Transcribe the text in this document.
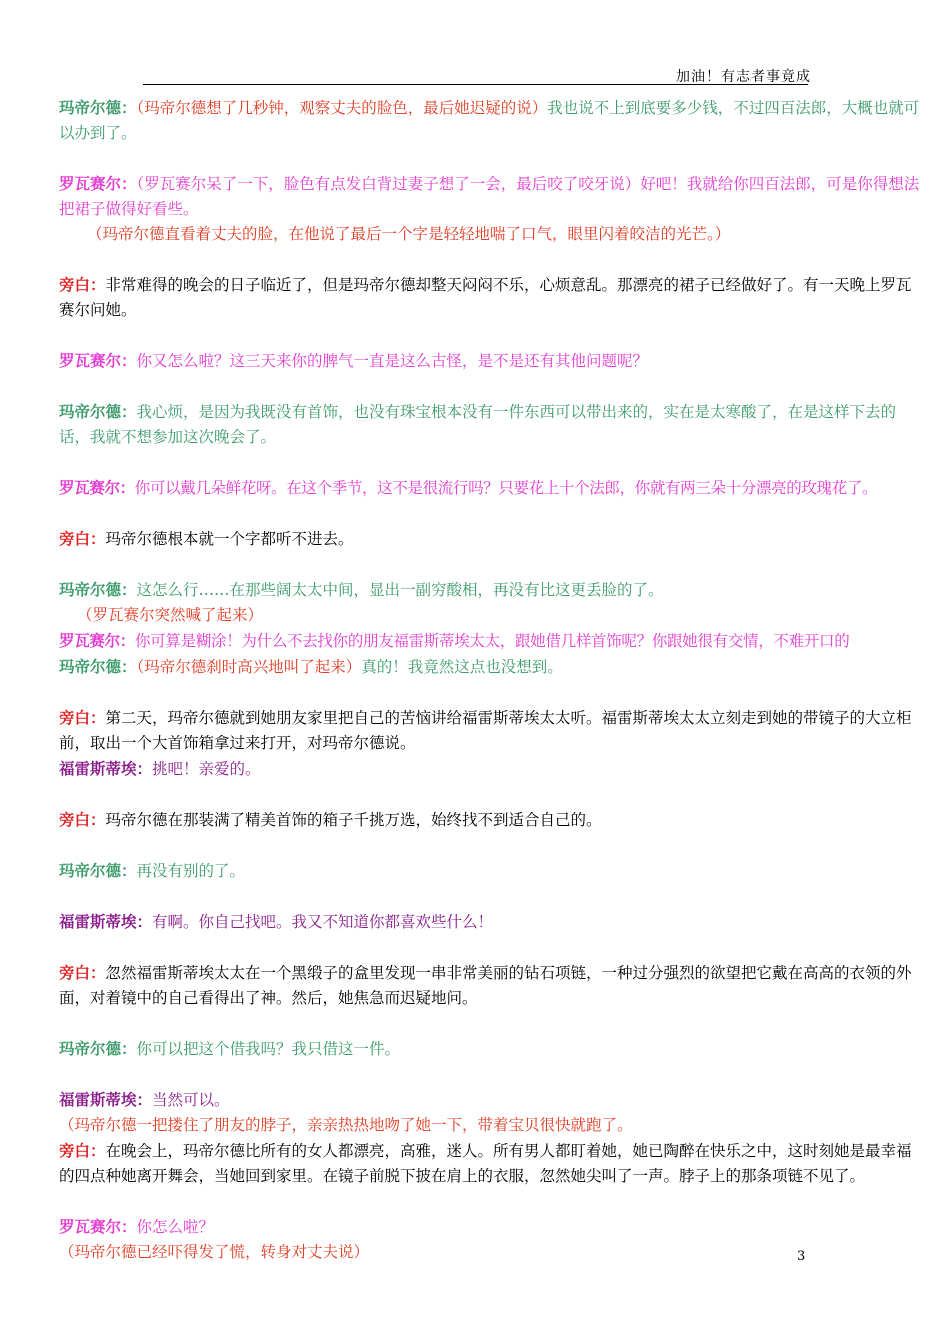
加油！有志者事竟成

玛帝尔德：（玛帝尔德想了几秒钟，观察丈夫的脸色，最后她迟疑的说）我也说不上到底要多少钱，不过四百法郎，大概也就可以办到了。

罗瓦赛尔：（罗瓦赛尔呆了一下，脸色有点发白背过妻子想了一会，最后咬了咬牙说）好吧！我就给你四百法郎，可是你得想法把裙子做得好看些。

（玛帝尔德直看着丈夫的脸，在他说了最后一个字是轻轻地喘了口气，眼里闪着皎洁的光芒。）

旁白：非常难得的晚会的日子临近了，但是玛帝尔德却整天闷闷不乐，心烦意乱。那漂亮的裙子已经做好了。有一天晚上罗瓦赛尔问她。

罗瓦赛尔：你又怎么啦？这三天来你的脾气一直是这么古怪，是不是还有其他问题呢？

玛帝尔德：我心烦，是因为我既没有首饰，也没有珠宝根本没有一件东西可以带出来的，实在是太寒酸了，在是这样下去的话，我就不想参加这次晚会了。

罗瓦赛尔：你可以戴几朵鲜花呀。在这个季节，这不是很流行吗？只要花上十个法郎，你就有两三朵十分漂亮的玫瑰花了。

旁白：玛帝尔德根本就一个字都听不进去。

玛帝尔德：这怎么行……在那些阔太太中间，显出一副穷酸相，再没有比这更丢脸的了。

（罗瓦赛尔突然喊了起来）

罗瓦赛尔：你可算是糊涂！为什么不去找你的朋友福雷斯蒂埃太太，跟她借几样首饰呢？你跟她很有交情，不难开口的

玛帝尔德：（玛帝尔德刹时高兴地叫了起来）真的！我竟然这点也没想到。

旁白：第二天，玛帝尔德就到她朋友家里把自己的苦恼讲给福雷斯蒂埃太太听。福雷斯蒂埃太太立刻走到她的带镜子的大立柜前，取出一个大首饰箱拿过来打开，对玛帝尔德说。

福雷斯蒂埃：挑吧！亲爱的。

旁白：玛帝尔德在那装满了精美首饰的箱子千挑万选，始终找不到适合自己的。

玛帝尔德：再没有别的了。

福雷斯蒂埃：有啊。你自己找吧。我又不知道你都喜欢些什么！

旁白：忽然福雷斯蒂埃太太在一个黑缎子的盒里发现一串非常美丽的钻石项链，一种过分强烈的欲望把它戴在高高的衣领的外面，对着镜中的自己看得出了神。然后，她焦急而迟疑地问。

玛帝尔德：你可以把这个借我吗？我只借这一件。

福雷斯蒂埃：当然可以。

（玛帝尔德一把搂住了朋友的脖子，亲亲热热地吻了她一下，带着宝贝很快就跑了。

旁白：在晚会上，玛帝尔德比所有的女人都漂亮，高雅，迷人。所有男人都盯着她，她已陶醉在快乐之中，这时刻她是最幸福的四点种她离开舞会，当她回到家里。在镜子前脱下披在肩上的衣服，忽然她尖叫了一声。脖子上的那条项链不见了。

罗瓦赛尔：你怎么啦？

（玛帝尔德已经吓得发了慌，转身对丈夫说）	3
